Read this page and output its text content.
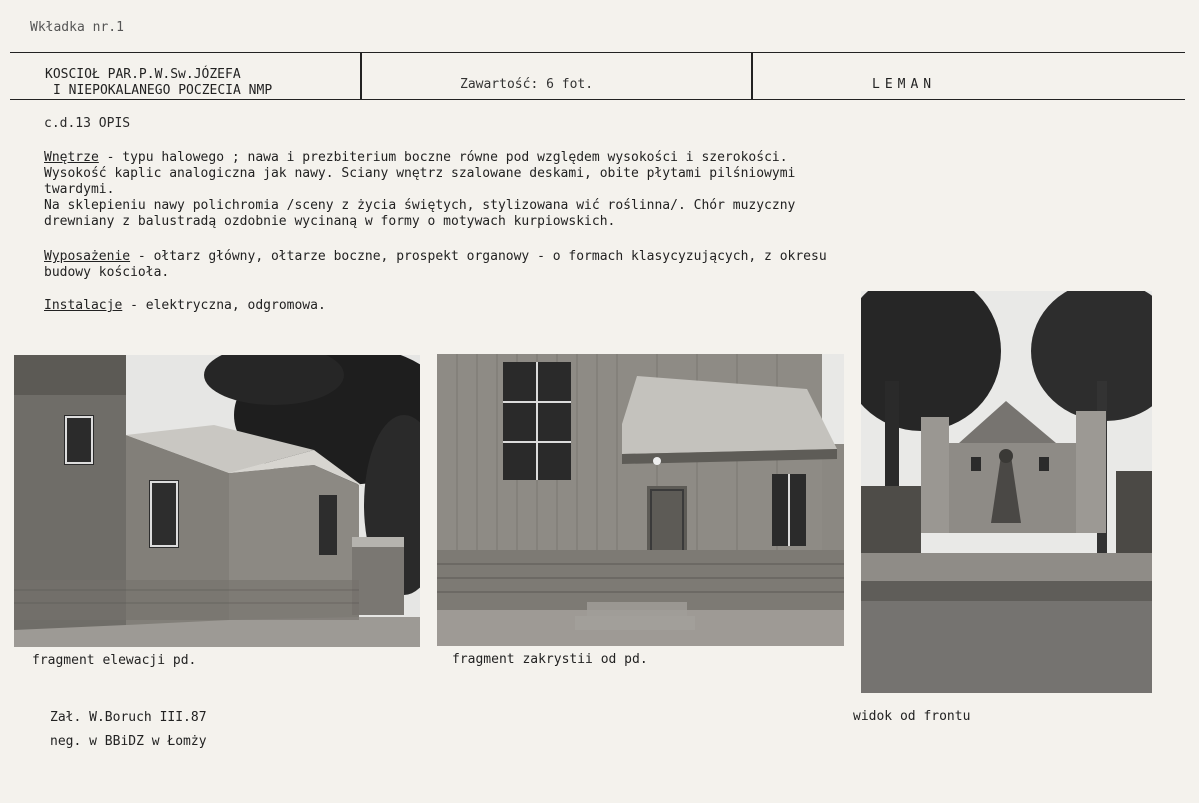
Wkładka nr.1
KOSCIOŁ PAR.P.W.Sw.JÓZEFA
I NIEPOKALANEGO POCZECIA NMP	Zawartość: 6 fot.	LEMAN
c.d.13 OPIS
Wnętrze - typu halowego ; nawa i prezbiterium boczne równe pod względem wysokości i szerokości.
Wysokość kaplic analogiczna jak nawy. Sciany wnętrz szalowane deskami, obite płytami pilśniowymi
twardymi.
Na sklepieniu nawy polichromia /sceny z życia świętych, stylizowana wić roślinna/. Chór muzyczny
drewniany z balustradą ozdobnie wycinaną w formy o motywach kurpiowskich.
Wyposażenie - ołtarz główny, ołtarze boczne, prospekt organowy - o formach klasycyzujących, z okresu
budowy kościoła.
Instalacje - elektryczna, odgromowa.
fragment elewacji pd.	fragment zakrystii od pd.
widok od frontu
Zał. W.Boruch III.87
neg. w BBiDZ w Łomży
